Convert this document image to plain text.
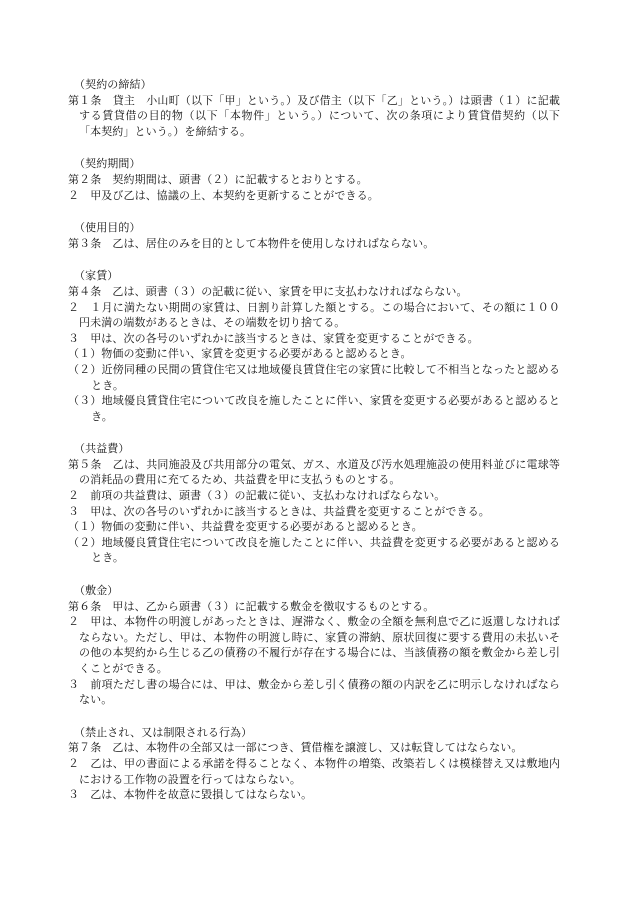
（契約の締結）

第１条　貸主　小山町（以下「甲」という。）及び借主（以下「乙」という。）は頭書（１）に記載する賃貸借の目的物（以下「本物件」という。）について、次の条項により賃貸借契約（以下「本契約」という。）を締結する。

（契約期間）

第２条　契約期間は、頭書（２）に記載するとおりとする。

２　甲及び乙は、協議の上、本契約を更新することができる。

（使用目的）

第３条　乙は、居住のみを目的として本物件を使用しなければならない。

（家賃）

第４条　乙は、頭書（３）の記載に従い、家賃を甲に支払わなければならない。

２　１月に満たない期間の家賃は、日割り計算した額とする。この場合において、その額に１００円未満の端数があるときは、その端数を切り捨てる。

３　甲は、次の各号のいずれかに該当するときは、家賃を変更することができる。

（１）物価の変動に伴い、家賃を変更する必要があると認めるとき。

（２）近傍同種の民間の賃貸住宅又は地域優良賃貸住宅の家賃に比較して不相当となったと認めるとき。

（３）地域優良賃貸住宅について改良を施したことに伴い、家賃を変更する必要があると認めるとき。

（共益費）

第５条　乙は、共同施設及び共用部分の電気、ガス、水道及び汚水処理施設の使用料並びに電球等の消耗品の費用に充てるため、共益費を甲に支払うものとする。

２　前項の共益費は、頭書（３）の記載に従い、支払わなければならない。

３　甲は、次の各号のいずれかに該当するときは、共益費を変更することができる。

（１）物価の変動に伴い、共益費を変更する必要があると認めるとき。

（２）地域優良賃貸住宅について改良を施したことに伴い、共益費を変更する必要があると認めるとき。

（敷金）

第６条　甲は、乙から頭書（３）に記載する敷金を徴収するものとする。

２　甲は、本物件の明渡しがあったときは、遅滞なく、敷金の全額を無利息で乙に返還しなければならない。ただし、甲は、本物件の明渡し時に、家賃の滞納、原状回復に要する費用の未払いその他の本契約から生じる乙の債務の不履行が存在する場合には、当該債務の額を敷金から差し引くことができる。

３　前項ただし書の場合には、甲は、敷金から差し引く債務の額の内訳を乙に明示しなければならない。

（禁止され、又は制限される行為）

第７条　乙は、本物件の全部又は一部につき、賃借権を譲渡し、又は転貸してはならない。

２　乙は、甲の書面による承諾を得ることなく、本物件の増築、改築若しくは模様替え又は敷地内における工作物の設置を行ってはならない。

３　乙は、本物件を故意に毀損してはならない。
